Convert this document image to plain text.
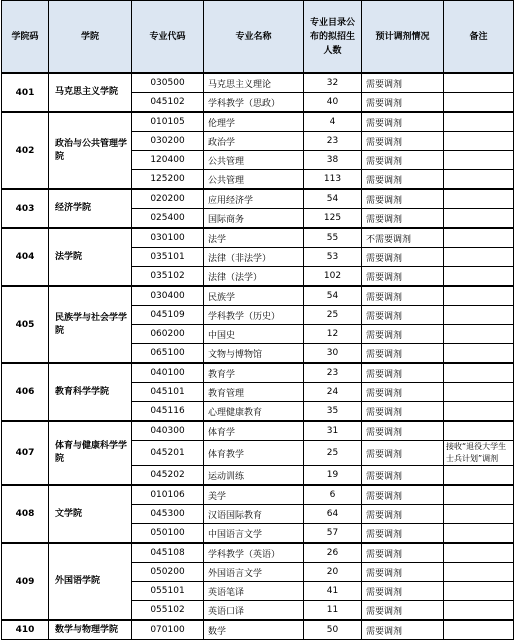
学院码	学院	专业代码	专业名称	专业目录公布的拟招生人数	预计调剂情况	备注
401	马克思主义学院	030500	马克思主义理论	32	需要调剂	
		045102	学科教学（思政）	40	需要调剂	
402	政治与公共管理学院	010105	伦理学	4	需要调剂	
		030200	政治学	23	需要调剂	
		120400	公共管理	38	需要调剂	
		125200	公共管理	113	需要调剂	
403	经济学院	020200	应用经济学	54	需要调剂	
		025400	国际商务	125	需要调剂	
404	法学院	030100	法学	55	不需要调剂	
		035101	法律（非法学）	53	需要调剂	
		035102	法律（法学）	102	需要调剂	
405	民族学与社会学学院	030400	民族学	54	需要调剂	
		045109	学科教学（历史）	25	需要调剂	
		060200	中国史	12	需要调剂	
		065100	文物与博物馆	30	需要调剂	
406	教育科学学院	040100	教育学	23	需要调剂	
		045101	教育管理	24	需要调剂	
		045116	心理健康教育	35	需要调剂	
407	体育与健康科学学院	040300	体育学	31	需要调剂	
		045201	体育教学	25	需要调剂	接收“退役大学生士兵计划”调剂
		045202	运动训练	19	需要调剂	
408	文学院	010106	美学	6	需要调剂	
		045300	汉语国际教育	64	需要调剂	
		050100	中国语言文学	57	需要调剂	
409	外国语学院	045108	学科教学（英语）	26	需要调剂	
		050200	外国语言文学	20	需要调剂	
		055101	英语笔译	41	需要调剂	
		055102	英语口译	11	需要调剂	
410	数学与物理学院	070100	数学	50	需要调剂	
